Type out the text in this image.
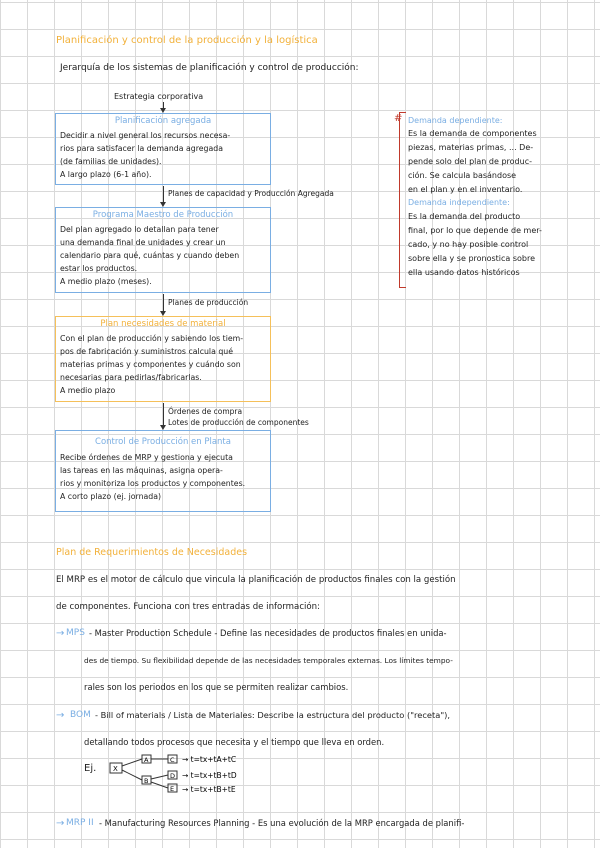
Planificación y control de la producción y la logística
Jerarquía de los sistemas de planificación y control de producción:
Estrategia corporativa
Planificación agregada
Decidir a nivel general los recursos necesa-
rios para satisfacer la demanda agregada
(de familias de unidades).
A largo plazo (6-1 año).
Planes de capacidad y Producción Agregada
Programa Maestro de Producción
Del plan agregado lo detallan para tener
una demanda final de unidades y crear un
calendario para qué, cuántas y cuando deben
estar los productos.
A medio plazo (meses).
Planes de producción
Plan necesidades de material
Con el plan de producción y sabiendo los tiem-
pos de fabricación y suministros calcula qué
materias primas y componentes y cuándo son
necesarias para pedirlas/fabricarlas.
A medio plazo
Órdenes de compra
Lotes de producción de componentes
Control de Producción en Planta
Recibe órdenes de MRP y gestiona y ejecuta
las tareas en las máquinas, asigna opera-
rios y monitoriza los productos y componentes.
A corto plazo (ej. jornada)
# Demanda dependiente:
Es la demanda de componentes
piezas, materias primas, ... De-
pende solo del plan de produc-
ción. Se calcula basándose
en el plan y en el inventario.
Demanda independiente:
Es la demanda del producto
final, por lo que depende de mer-
cado, y no hay posible control
sobre ella y se pronostica sobre
ella usando datos históricos
Plan de Requerimientos de Necesidades
El MRP es el motor de cálculo que vincula la planificación de productos finales con la gestión
de componentes. Funciona con tres entradas de información:
→ MPS - Master Production Schedule - Define las necesidades de productos finales en unida-
des de tiempo. Su flexibilidad depende de las necesidades temporales externas. Los límites tempo-
rales son los periodos en los que se permiten realizar cambios.
→ BOM - Bill of materials / Lista de Materiales: Describe la estructura del producto ("receta"),
detallando todos procesos que necesita y el tiempo que lleva en orden.
Ej. X
A
B
C
D
E
→ t=tx+tA+tC
→ t=tx+tB+tD
→ t=tx+tB+tE
→ MRP II - Manufacturing Resources Planning - Es una evolución de la MRP encargada de planifi-
